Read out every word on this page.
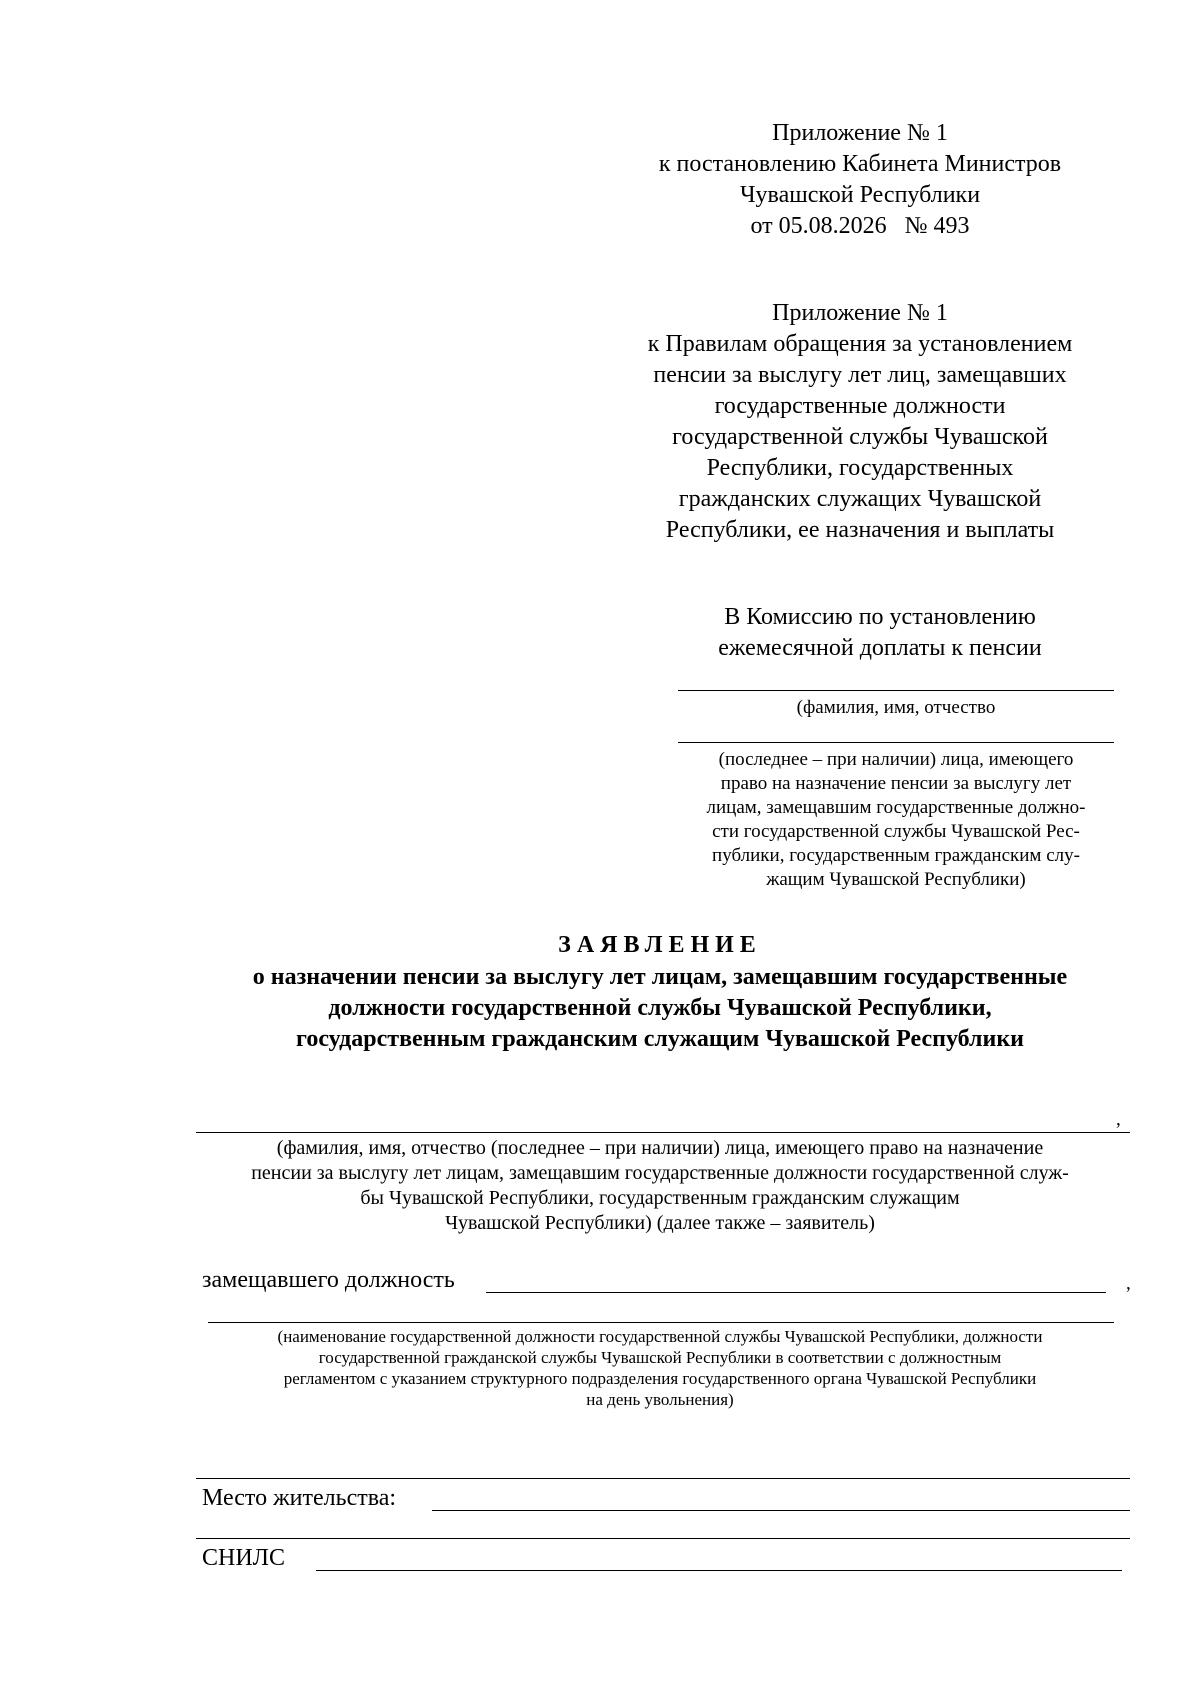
Приложение № 1
к постановлению Кабинета Министров
Чувашской Республики
от 05.08.2026   № 493
Приложение № 1
к Правилам обращения за установлением
пенсии за выслугу лет лиц, замещавших
государственные должности
государственной службы Чувашской
Республики, государственных
гражданских служащих Чувашской
Республики, ее назначения и выплаты
В Комиссию по установлению
ежемесячной доплаты к пенсии
(фамилия, имя, отчество
(последнее – при наличии) лица, имеющего
право на назначение пенсии за выслугу лет
лицам, замещавшим государственные должно-
сти государственной службы Чувашской Рес-
публики, государственным гражданским слу-
жащим Чувашской Республики)
ЗАЯВЛЕНИЕ
о назначении пенсии за выслугу лет лицам, замещавшим государственные
должности государственной службы Чувашской Республики,
государственным гражданским служащим Чувашской Республики
,
(фамилия, имя, отчество (последнее – при наличии) лица, имеющего право на назначение
пенсии за выслугу лет лицам, замещавшим государственные должности государственной служ-
бы Чувашской Республики, государственным гражданским служащим
Чувашской Республики) (далее также – заявитель)
замещавшего должность	,
(наименование государственной должности государственной службы Чувашской Республики, должности
государственной гражданской службы Чувашской Республики в соответствии с должностным
регламентом с указанием структурного подразделения государственного органа Чувашской Республики
на день увольнения)
Место жительства:
СНИЛС
